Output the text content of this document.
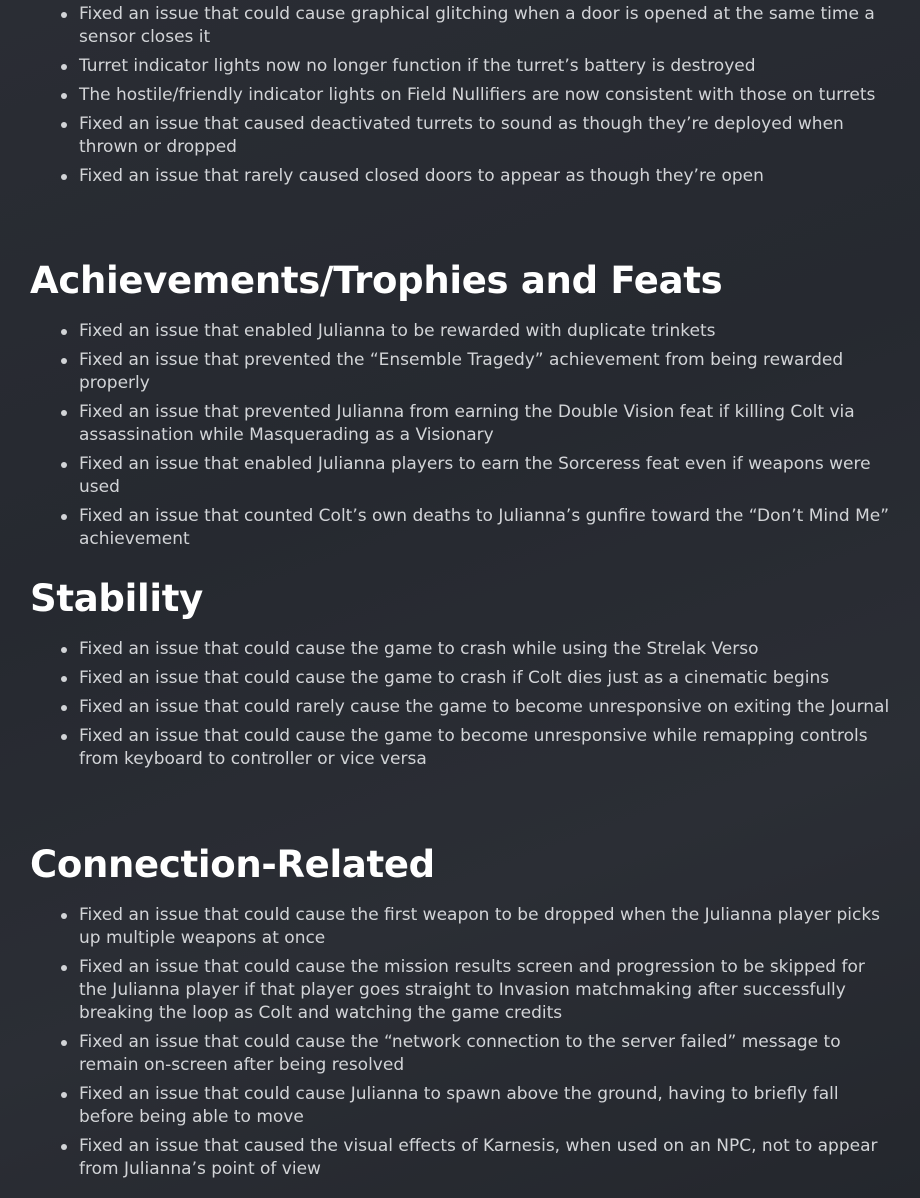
Fixed an issue that could cause graphical glitching when a door is opened at the same time a sensor closes it
Turret indicator lights now no longer function if the turret’s battery is destroyed
The hostile/friendly indicator lights on Field Nullifiers are now consistent with those on turrets
Fixed an issue that caused deactivated turrets to sound as though they’re deployed when thrown or dropped
Fixed an issue that rarely caused closed doors to appear as though they’re open
Achievements/Trophies and Feats
Fixed an issue that enabled Julianna to be rewarded with duplicate trinkets
Fixed an issue that prevented the “Ensemble Tragedy” achievement from being rewarded properly
Fixed an issue that prevented Julianna from earning the Double Vision feat if killing Colt via assassination while Masquerading as a Visionary
Fixed an issue that enabled Julianna players to earn the Sorceress feat even if weapons were used
Fixed an issue that counted Colt’s own deaths to Julianna’s gunfire toward the “Don’t Mind Me” achievement
Stability
Fixed an issue that could cause the game to crash while using the Strelak Verso
Fixed an issue that could cause the game to crash if Colt dies just as a cinematic begins
Fixed an issue that could rarely cause the game to become unresponsive on exiting the Journal
Fixed an issue that could cause the game to become unresponsive while remapping controls from keyboard to controller or vice versa
Connection-Related
Fixed an issue that could cause the first weapon to be dropped when the Julianna player picks up multiple weapons at once
Fixed an issue that could cause the mission results screen and progression to be skipped for the Julianna player if that player goes straight to Invasion matchmaking after successfully breaking the loop as Colt and watching the game credits
Fixed an issue that could cause the “network connection to the server failed” message to remain on-screen after being resolved
Fixed an issue that could cause Julianna to spawn above the ground, having to briefly fall before being able to move
Fixed an issue that caused the visual effects of Karnesis, when used on an NPC, not to appear from Julianna’s point of view
